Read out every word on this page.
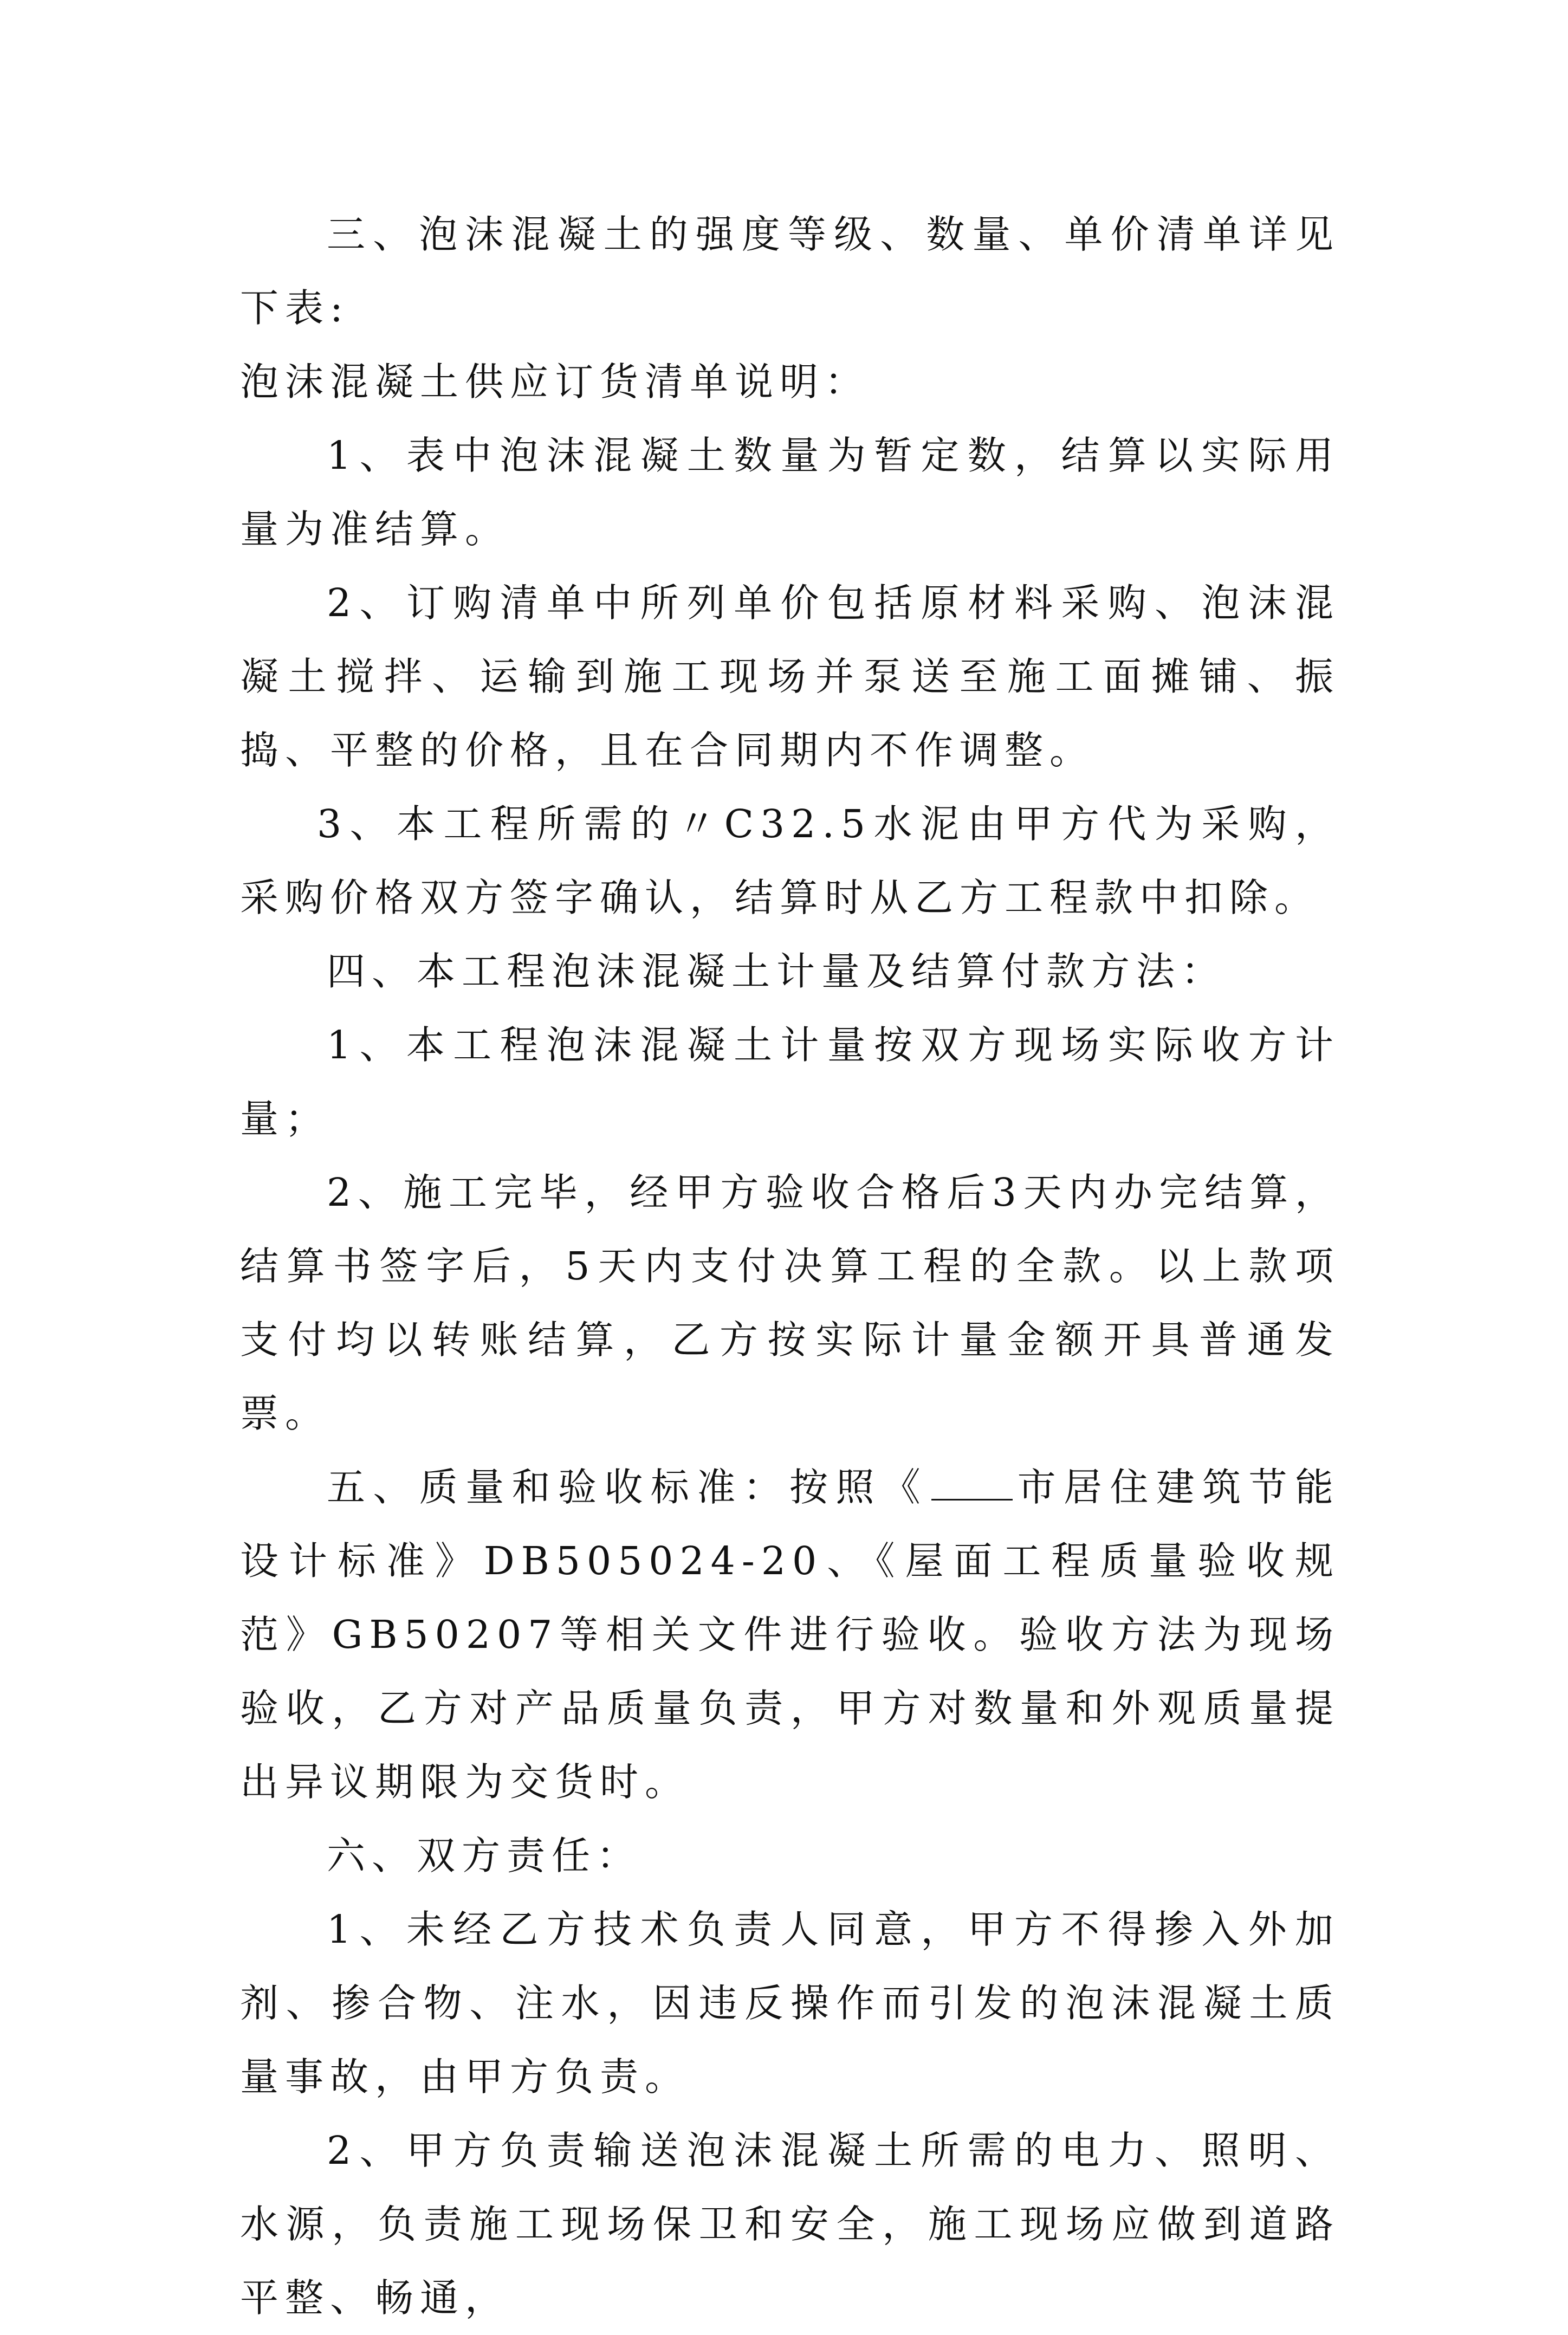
三、泡沫混凝土的强度等级、数量、单价清单详见下表:

泡沫混凝土供应订货清单说明：

1、表中泡沫混凝土数量为暂定数，结算以实际用量为准结算。

2、订购清单中所列单价包括原材料采购、泡沫混凝土搅拌、运输到施工现场并泵送至施工面摊铺、振捣、平整的价格，且在合同期内不作调整。

3、本工程所需的〃C32.5水泥由甲方代为采购，采购价格双方签字确认，结算时从乙方工程款中扣除。

四、本工程泡沫混凝土计量及结算付款方法：

1、本工程泡沫混凝土计量按双方现场实际收方计量；

2、施工完毕，经甲方验收合格后3天内办完结算，结算书签字后，5天内支付决算工程的全款。以上款项支付均以转账结算，乙方按实际计量金额开具普通发票。

五、质量和验收标准：按照《 市居住建筑节能设计标准》DB505024-20、《屋面工程质量验收规范》GB50207等相关文件进行验收。验收方法为现场验收，乙方对产品质量负责，甲方对数量和外观质量提出异议期限为交货时。

六、双方责任：

1、未经乙方技术负责人同意，甲方不得掺入外加剂、掺合物、注水，因违反操作而引发的泡沫混凝土质量事故，由甲方负责。

2、甲方负责输送泡沫混凝土所需的电力、照明、水源，负责施工现场保卫和安全，施工现场应做到道路平整、畅通，
